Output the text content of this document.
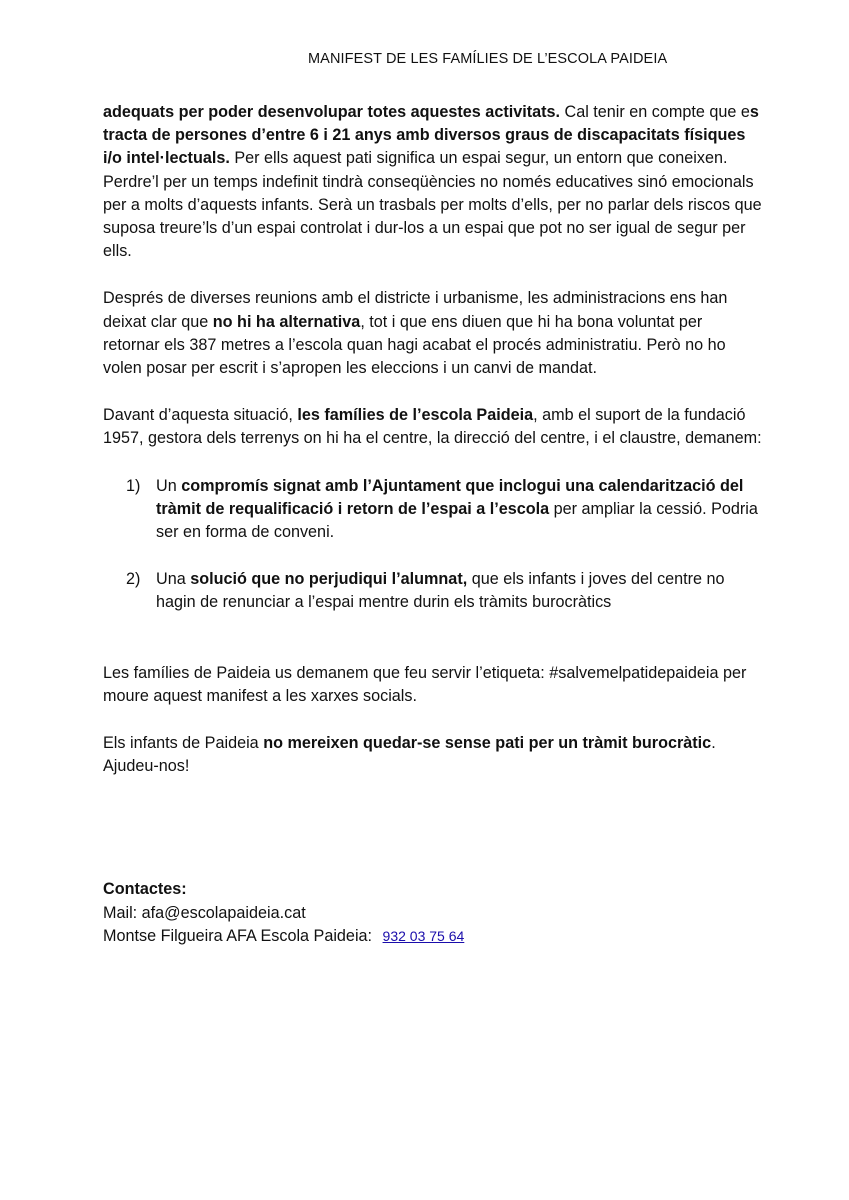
MANIFEST DE LES FAMÍLIES DE L’ESCOLA PAIDEIA

adequats per poder desenvolupar totes aquestes activitats. Cal tenir en compte que es tracta de persones d’entre 6 i 21 anys amb diversos graus de discapacitats físiques i/o intel·lectuals. Per ells aquest pati significa un espai segur, un entorn que coneixen. Perdre’l per un temps indefinit tindrà conseqüències no només educatives sinó emocionals per a molts d’aquests infants. Serà un trasbals per molts d’ells, per no parlar dels riscos que suposa treure’ls d’un espai controlat i dur-los a un espai que pot no ser igual de segur per ells.

Després de diverses reunions amb el districte i urbanisme, les administracions ens han deixat clar que no hi ha alternativa, tot i que ens diuen que hi ha bona voluntat per retornar els 387 metres a l’escola quan hagi acabat el procés administratiu. Però no ho volen posar per escrit i s’apropen les eleccions i un canvi de mandat.

Davant d’aquesta situació, les famílies de l’escola Paideia, amb el suport de la fundació 1957, gestora dels terrenys on hi ha el centre, la direcció del centre, i el claustre, demanem:

1) Un compromís signat amb l’Ajuntament que inclogui una calendarització del tràmit de requalificació i retorn de l’espai a l’escola per ampliar la cessió. Podria ser en forma de conveni.
2) Una solució que no perjudiqui l’alumnat, que els infants i joves del centre no hagin de renunciar a l’espai mentre durin els tràmits burocràtics

Les famílies de Paideia us demanem que feu servir l’etiqueta: #salvemelpatidepaideia per moure aquest manifest a les xarxes socials.

Els infants de Paideia no mereixen quedar-se sense pati per un tràmit burocràtic. Ajudeu-nos!

Contactes:

Mail: afa@escolapaideia.cat

Montse Filgueira AFA Escola Paideia: 932 03 75 64
